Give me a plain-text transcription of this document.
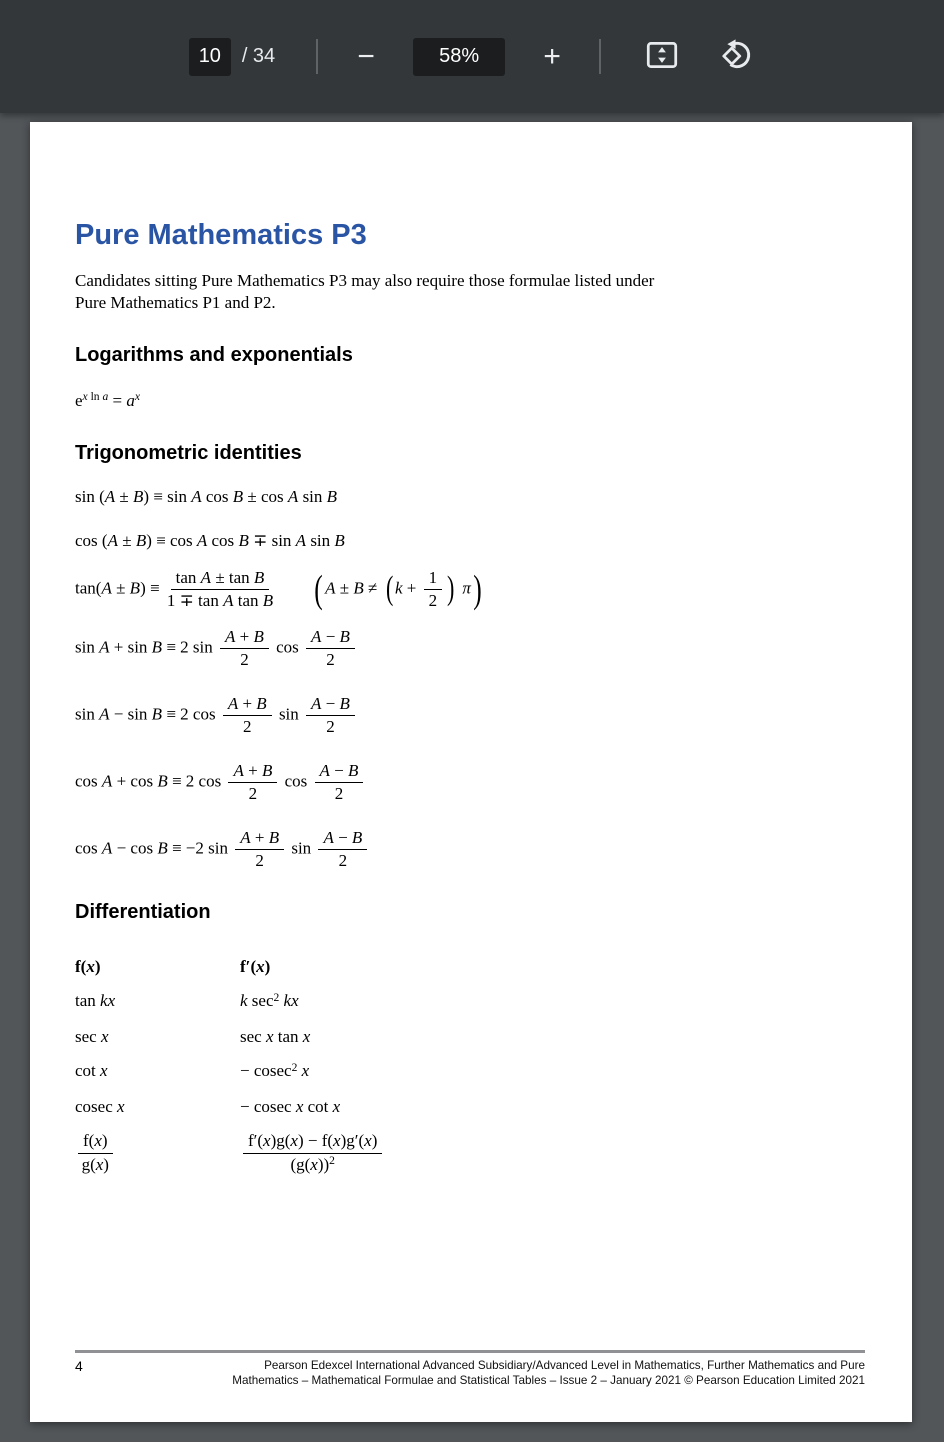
10
/ 34	−	58%	+
Pure Mathematics P3

Candidates sitting Pure Mathematics P3 may also require those formulae listed under
Pure Mathematics P1 and P2.

Logarithms and exponentials
$e^{x ln a} = a^x$
Trigonometric identities
sin (A ± B) ≡ sin A cos B ± cos A sin B
cos (A ± B) ≡ cos A cos B ∓ sin A sin B
$\tan(A \pm B) \equiv \frac{\text{tan A ± tan B}}{\text{1 ∓ tan A tan B}}$ ( A ± B ≠ ( $k + \frac{1}{2}$ ) π )
sin A + sin B ≡ 2 $\sin \frac{A + B}{2}$ $\cos \frac{A - B}{2}$
sin A − sin B ≡ 2 $\cos \frac{A + B}{2}$ $\sin \frac{A - B}{2}$
cos A + cos B ≡ 2 $\cos \frac{A + B}{2}$ $\cos \frac{A - B}{2}$
cos A − cos B ≡ −2 $\sin \frac{A + B}{2}$ $\sin \frac{A - B}{2}$
Differentiation
f(x)	f′(x)
tan kx	k $\sec^2$ kx
sec x	sec x tan x
cot x	− cosec$^2$ x
cosec x	− cosec x cot x
$\frac{f(x)}{g(x)}$	$\frac{f'(x)g(x) - f(x)g'(x)}{(g(x))^2}$
4	Pearson Edexcel International Advanced Subsidiary/Advanced Level in Mathematics, Further Mathematics and Pure
Mathematics – Mathematical Formulae and Statistical Tables – Issue 2 – January 2021 © Pearson Education Limited 2021
